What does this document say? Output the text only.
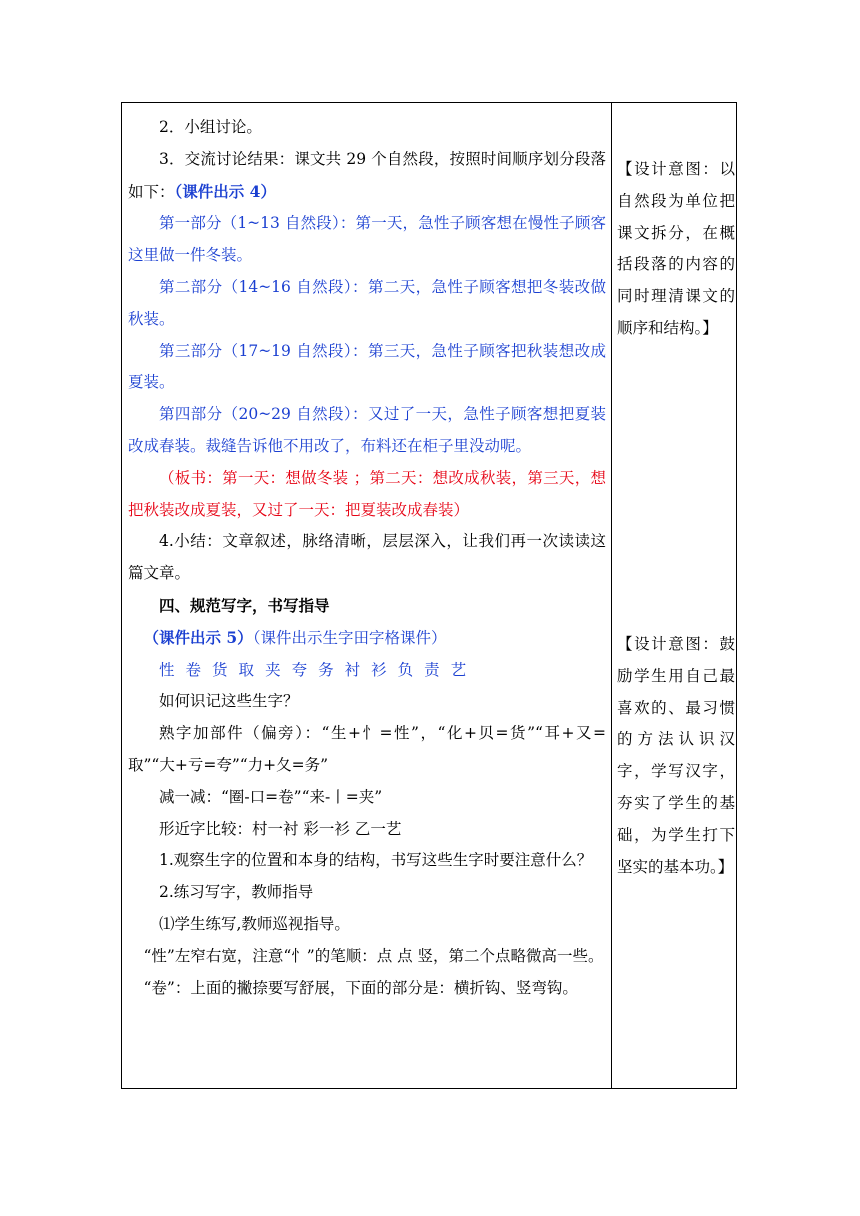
2．小组讨论。

3．交流讨论结果：课文共 29 个自然段，按照时间顺序划分段落如下：（课件出示 4）

第一部分（1~13 自然段）：第一天，急性子顾客想在慢性子顾客这里做一件冬装。

第二部分（14~16 自然段）：第二天，急性子顾客想把冬装改做秋装。

第三部分（17~19 自然段）：第三天，急性子顾客把秋装想改成夏装。

第四部分（20~29 自然段）：又过了一天，急性子顾客想把夏装改成春装。裁缝告诉他不用改了，布料还在柜子里没动呢。

（板书：第一天：想做冬装 ；第二天：想改成秋装，第三天，想把秋装改成夏装，又过了一天：把夏装改成春装）

4.小结：文章叙述，脉络清晰，层层深入，让我们再一次读读这篇文章。

四、规范写字，书写指导

（课件出示 5）（课件出示生字田字格课件）

性 卷 货 取 夹 夸 务 衬 衫 负 责 艺

如何识记这些生字？

熟字加部件（偏旁）：“生+忄=性”，“化+贝=货”“耳+又=取”“大+亏=夸”“力+夂=务”

减一减：“圈-口=卷”“来-丨=夹”

形近字比较：村一衬 彩一衫 乙一艺

1.观察生字的位置和本身的结构，书写这些生字时要注意什么？

2.练习写字，教师指导

⑴学生练写,教师巡视指导。

“性”左窄右宽，注意“忄”的笔顺：点 点 竖，第二个点略微高一些。

“卷”：上面的撇捺要写舒展，下面的部分是：横折钩、竖弯钩。

【设计意图：以自然段为单位把课文拆分，在概括段落的内容的同时理清课文的顺序和结构。】
【设计意图：鼓励学生用自己最喜欢的、最习惯的方法认识汉字，学写汉字，夯实了学生的基础，为学生打下坚实的基本功。】
